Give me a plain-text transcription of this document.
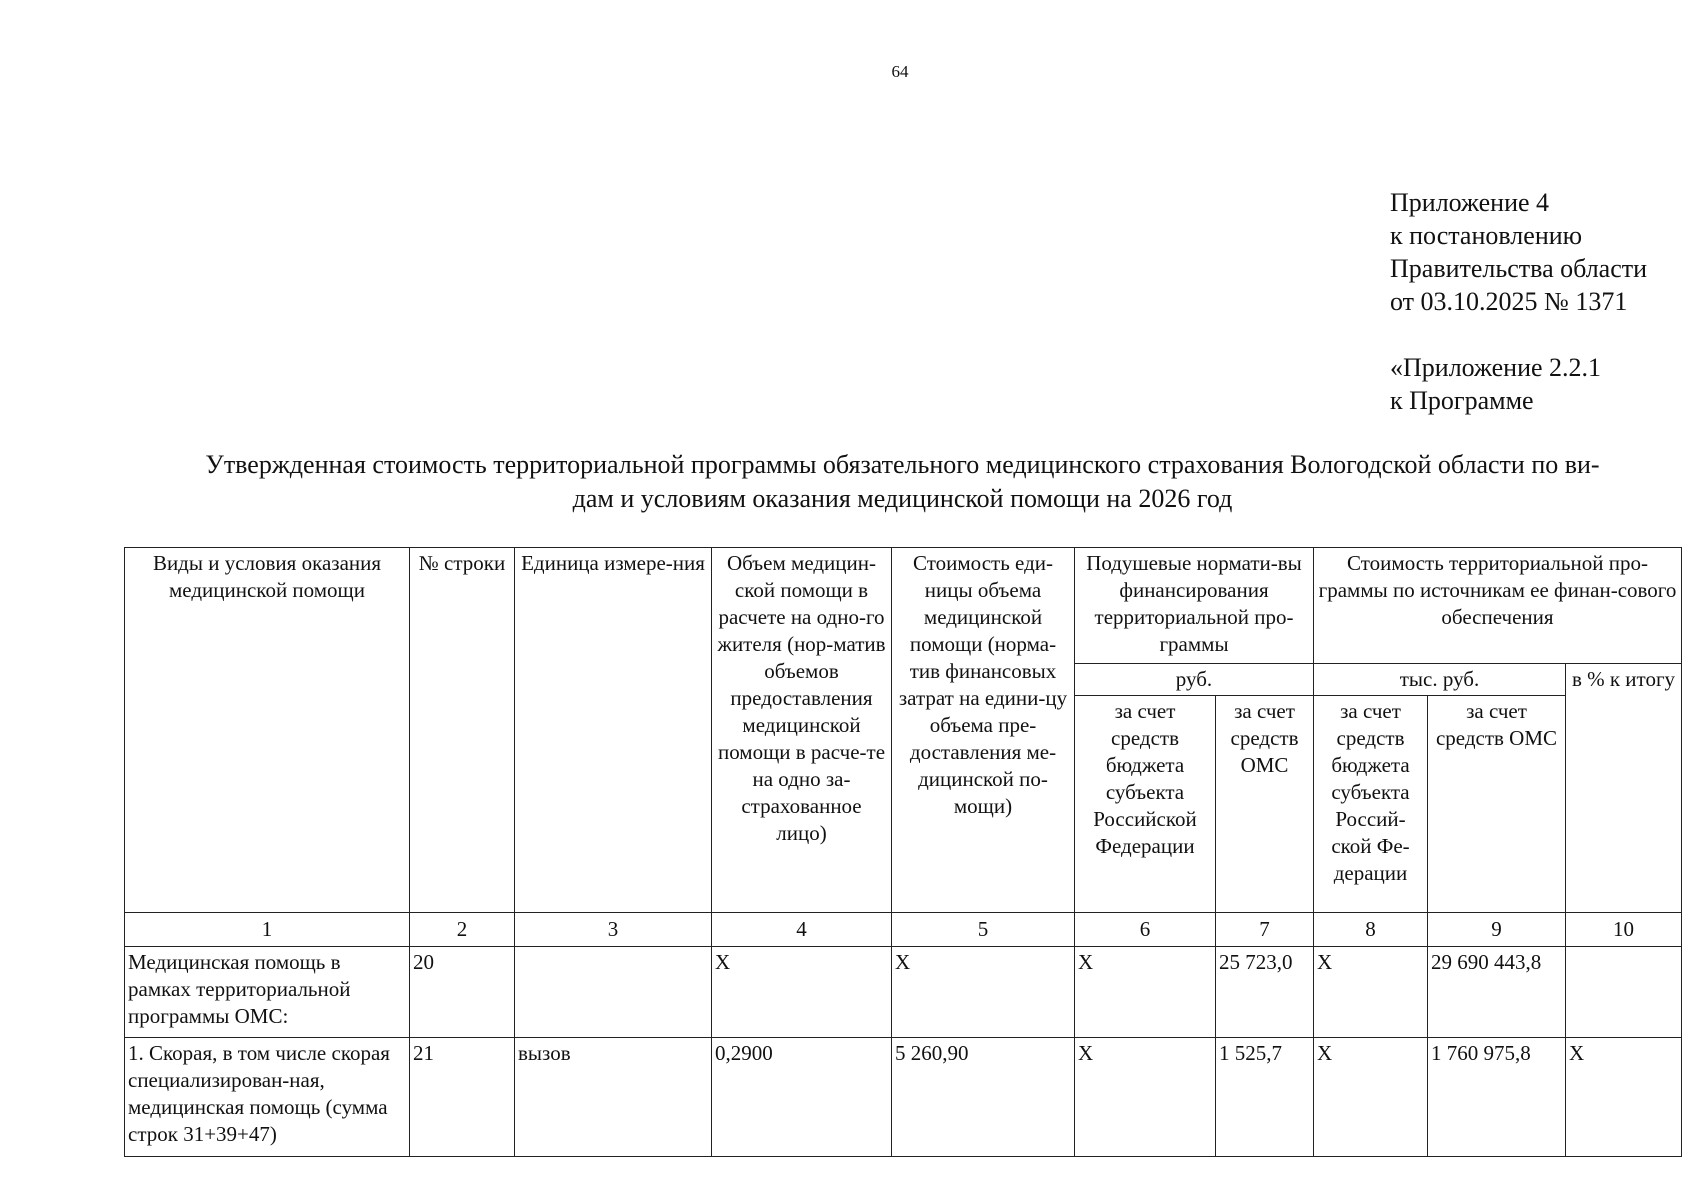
64
Приложение 4
к постановлению
Правительства области
от 03.10.2025 № 1371
«Приложение 2.2.1
к Программе
Утвержденная стоимость территориальной программы обязательного медицинского страхования Вологодской области по ви-
дам и условиям оказания медицинской помощи на 2026 год
Виды и условия оказания медицинской помощи	№ строки	Единица измере-ния	Объем медицин-ской помощи в расчете на одно-го жителя (нор-матив объемов предоставления медицинской помощи в расче-те на одно за-страхованное лицо)	Стоимость еди-ницы объема медицинской помощи (норма-тив финансовых затрат на едини-цу объема пре-доставления ме-дицинской по-мощи)	Подушевые нормати-вы финансирования территориальной про-граммы		Стоимость территориальной про-граммы по источникам ее финан-сового обеспечения		
					руб.		тыс. руб.		в % к итогу
					за счет средств бюджета субъекта Российской Федерации	за счет средств ОМС	за счет средств бюджета субъекта Россий-ской Фе-дерации	за счет средств ОМС	
1	2	3	4	5	6	7	8	9	10
Медицинская помощь в рамках территориальной программы ОМС:	20		X	X	X	25 723,0	X	29 690 443,8	
1. Скорая, в том числе скорая специализирован-ная, медицинская помощь (сумма строк 31+39+47)	21	вызов	0,2900	5 260,90	X	1 525,7	X	1 760 975,8	X
